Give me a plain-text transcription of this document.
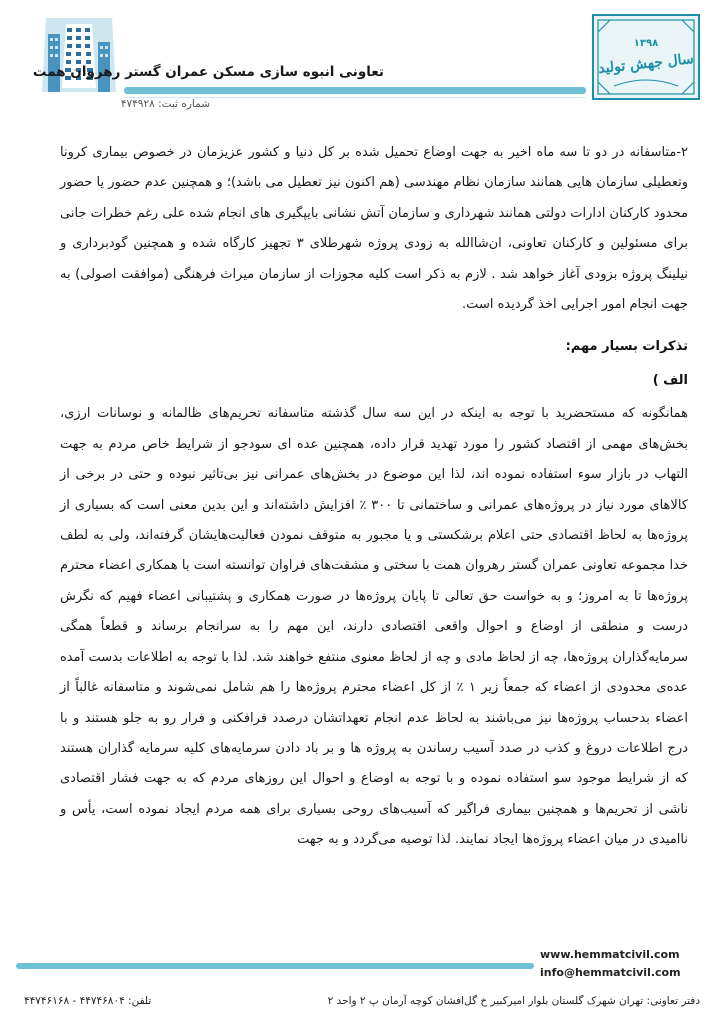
۱۳۹۸
سال جهش تولید
تعاونی انبوه سازی مسکن عمران گستر رهروان همت
شماره ثبت: ۴۷۴۹۲۸

۲-متاسفانه در دو تا سه ماه اخیر به جهت اوضاع تحمیل شده بر کل دنیا و کشور عزیزمان در خصوص بیماری کرونا وتعطیلی سازمان هایی همانند سازمان نظام مهندسی (هم اکنون نیز تعطیل می باشد)؛ و همچنین عدم حضور یا حضور محدود کارکنان ادارات دولتی همانند شهرداری و سازمان آتش نشانی بایپگیری های انجام شده علی رغم خطرات جانی برای مسئولین و کارکنان تعاونی، ان‌شاالله به زودی پروژه شهرطلای ۳ تجهیز کارگاه شده و همچنین گودبرداری و نیلینگ پروژه بزودی آغاز خواهد شد . لازم به ذکر است کلیه مجوزات از سازمان میراث فرهنگی (موافقت اصولی) به جهت انجام امور اجرایی اخذ گردیده است.

تذکرات بسیار مهم:

الف )

همانگونه که مستحضرید با توجه به اینکه در این سه سال گذشته متاسفانه تحریم‌های ظالمانه و نوسانات ارزی، بخش‌های مهمی از اقتصاد کشور را مورد تهدید قرار داده، همچنین عده ای سودجو از شرایط خاص مردم به جهت التهاب در بازار سوء استفاده نموده اند، لذا این موضوع در بخش‌های عمرانی نیز بی‌تاثیر نبوده و حتی در برخی از کالاهای مورد نیاز در پروژه‌های عمرانی و ساختمانی تا ۳۰۰ ٪ افزایش داشته‌اند و این بدین معنی است که بسیاری از پروژه‌ها به لحاظ اقتصادی حتی اعلام برشکستی و یا مجبور به متوقف نمودن فعالیت‌هایشان گرفته‌اند، ولی به لطف خدا مجموعه تعاونی عمران گستر رهروان همت با سختی و مشقت‌های فراوان توانسته است با همکاری اعضاء محترم پروژه‌ها تا به امروز؛ و به خواست حق تعالی تا پایان پروژه‌ها در صورت همکاری و پشتیبانی اعضاء فهیم که نگرش درست و منطقی از اوضاع و احوال واقعی اقتصادی دارند، این مهم را به سرانجام برساند و قطعاً همگی سرمایه‌گذاران پروژه‌ها، چه از لحاظ مادی و چه از لحاظ معنوی منتفع خواهند شد. لذا با توجه به اطلاعات بدست آمده عده‌ی محدودی از اعضاء که جمعاً زیر ۱ ٪ از کل اعضاء محترم پروژه‌ها را هم شامل نمی‌شوند و متاسفانه غالباً از اعضاء بدحساب پروژه‌ها نیز می‌باشند به لحاظ عدم انجام تعهداتشان درصدد فرافکنی و فرار رو به جلو هستند و با درج اطلاعات دروغ و کذب در صدد آسیب رساندن به پروژه ها و بر باد دادن سرمایه‌های کلیه سرمایه گذاران هستند که از شرایط موجود سو استفاده نموده و با توجه به اوضاع و احوال این روزهای مردم که به جهت فشار اقتصادی ناشی از تحریم‌ها و همچنین بیماری فراگیر که آسیب‌های روحی بسیاری برای همه مردم ایجاد نموده است، یأس و ناامیدی در میان اعضاء پروژه‌ها ایجاد نمایند. لذا توصیه می‌گردد و به جهت

www.hemmatcivil.com
info@hemmatcivil.com
دفتر تعاونی: تهران شهرک گلستان بلوار امیرکبیر خ گل‌افشان کوچه آرمان پ ۲ واحد ۲
تلفن: ۴۴۷۴۶۸۰۴ - ۴۴۷۴۶۱۶۸
